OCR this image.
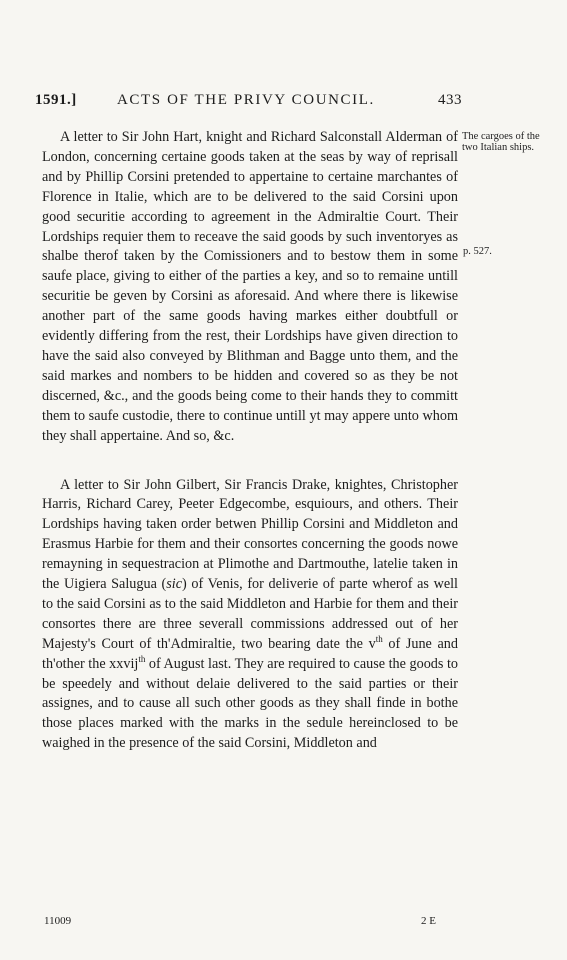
1591.]	ACTS OF THE PRIVY COUNCIL.	433
The cargoes of the two Italian ships.
p. 527.

A letter to Sir John Hart, knight and Richard Salconstall Alderman of London, concerning certaine goods taken at the seas by way of reprisall and by Phillip Corsini pretended to appertaine to certaine marchantes of Florence in Italie, which are to be delivered to the said Corsini upon good securitie according to agreement in the Admiraltie Court. Their Lordships requier them to receave the said goods by such inventoryes as shalbe therof taken by the Comissioners and to bestow them in some saufe place, giving to either of the parties a key, and so to remaine untill securitie be geven by Corsini as aforesaid. And where there is likewise another part of the same goods having markes either doubtfull or evidently differing from the rest, their Lordships have given direction to have the said also conveyed by Blithman and Bagge unto them, and the said markes and nombers to be hidden and covered so as they be not discerned, &c., and the goods being come to their hands they to committ them to saufe custodie, there to continue untill yt may appere unto whom they shall appertaine. And so, &c.

A letter to Sir John Gilbert, Sir Francis Drake, knightes, Christopher Harris, Richard Carey, Peeter Edgecombe, esquiours, and others. Their Lordships having taken order betwen Phillip Corsini and Middleton and Erasmus Harbie for them and their consortes concerning the goods nowe remayning in sequestracion at Plimothe and Dartmouthe, latelie taken in the Uigiera Salugua (sic) of Venis, for deliverie of parte wherof as well to the said Corsini as to the said Middleton and Harbie for them and their consortes there are three severall commissions addressed out of her Majesty's Court of th'Admiraltie, two bearing date the $v^{th}$ of June and th'other the xxvij$^{th}$ of August last. They are required to cause the goods to be speedely and without delaie delivered to the said parties or their assignes, and to cause all such other goods as they shall finde in bothe those places marked with the marks in the sedule hereinclosed to be waighed in the presence of the said Corsini, Middleton and

11009	2 E
